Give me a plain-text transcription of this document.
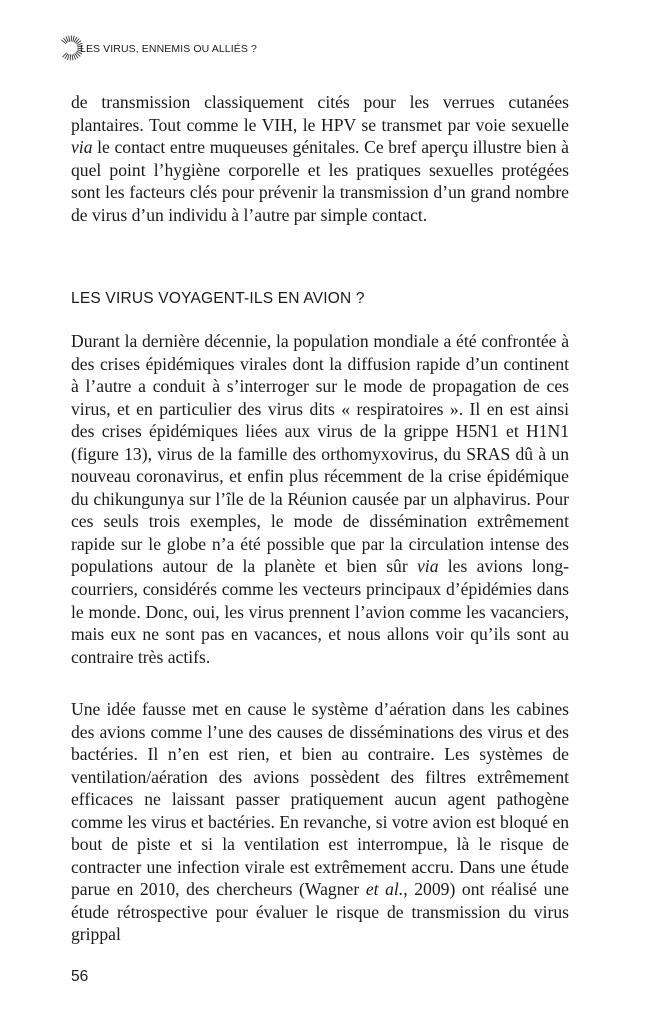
LES VIRUS, ENNEMIS OU ALLIÉS ?

de transmission classiquement cités pour les verrues cutanées plantaires. Tout comme le VIH, le HPV se transmet par voie sexuelle via le contact entre muqueuses génitales. Ce bref aperçu illustre bien à quel point l’hygiène corporelle et les pratiques sexuelles protégées sont les facteurs clés pour prévenir la transmission d’un grand nombre de virus d’un individu à l’autre par simple contact.

LES VIRUS VOYAGENT-ILS EN AVION ?

Durant la dernière décennie, la population mondiale a été confrontée à des crises épidémiques virales dont la diffusion rapide d’un continent à l’autre a conduit à s’interroger sur le mode de propagation de ces virus, et en particulier des virus dits « respiratoires ». Il en est ainsi des crises épidémiques liées aux virus de la grippe H5N1 et H1N1 (figure 13), virus de la famille des orthomyxovirus, du SRAS dû à un nouveau coronavirus, et enfin plus récemment de la crise épidémique du chikungunya sur l’île de la Réunion causée par un alphavirus. Pour ces seuls trois exemples, le mode de dissémination extrêmement rapide sur le globe n’a été possible que par la circulation intense des populations autour de la planète et bien sûr via les avions long-courriers, considérés comme les vecteurs principaux d’épidémies dans le monde. Donc, oui, les virus prennent l’avion comme les vacanciers, mais eux ne sont pas en vacances, et nous allons voir qu’ils sont au contraire très actifs.

Une idée fausse met en cause le système d’aération dans les cabines des avions comme l’une des causes de disséminations des virus et des bactéries. Il n’en est rien, et bien au contraire. Les systèmes de ventilation/aération des avions possèdent des filtres extrêmement efficaces ne laissant passer pratiquement aucun agent pathogène comme les virus et bactéries. En revanche, si votre avion est bloqué en bout de piste et si la ventilation est interrompue, là le risque de contracter une infection virale est extrêmement accru. Dans une étude parue en 2010, des chercheurs (Wagner et al., 2009) ont réalisé une étude rétrospective pour évaluer le risque de transmission du virus grippal

56
